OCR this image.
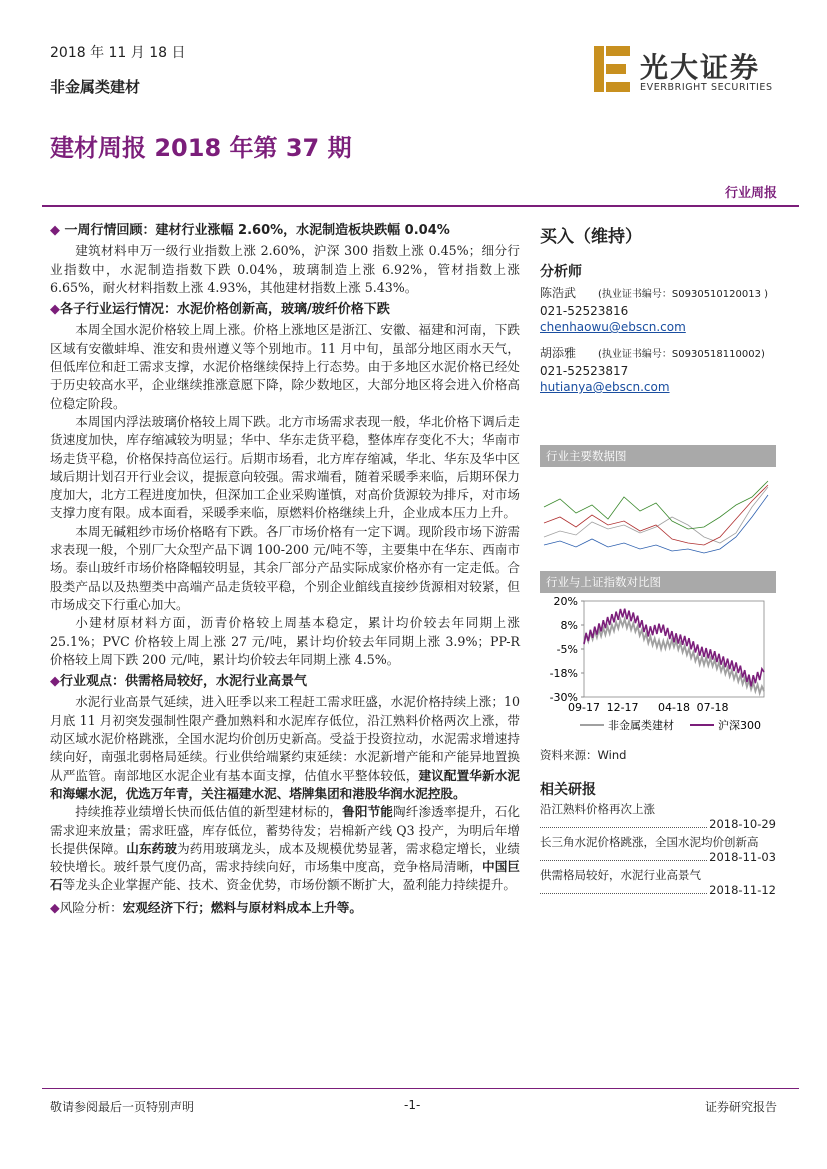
2018 年 11 月 18 日
非金属类建材
光大证券
EVERBRIGHT SECURITIES
建材周报 2018 年第 37 期
行业周报
◆ 一周行情回顾：建材行业涨幅 2.60%，水泥制造板块跌幅 0.04%

建筑材料申万一级行业指数上涨 2.60%，沪深 300 指数上涨 0.45%；细分行业指数中，水泥制造指数下跌 0.04%，玻璃制造上涨 6.92%，管材指数上涨 6.65%，耐火材料指数上涨 4.93%，其他建材指数上涨 5.43%。

◆各子行业运行情况：水泥价格创新高，玻璃/玻纤价格下跌

本周全国水泥价格较上周上涨。价格上涨地区是浙江、安徽、福建和河南，下跌区域有安徽蚌埠、淮安和贵州遵义等个别地市。11 月中旬，虽部分地区雨水天气，但低库位和赶工需求支撑，水泥价格继续保持上行态势。由于多地区水泥价格已经处于历史较高水平，企业继续推涨意愿下降，除少数地区，大部分地区将会进入价格高位稳定阶段。

本周国内浮法玻璃价格较上周下跌。北方市场需求表现一般，华北价格下调后走货速度加快，库存缩减较为明显；华中、华东走货平稳，整体库存变化不大；华南市场走货平稳，价格保持高位运行。后期市场看，北方库存缩减，华北、华东及华中区域后期计划召开行业会议，提振意向较强。需求端看，随着采暖季来临，后期环保力度加大，北方工程进度加快，但深加工企业采购谨慎，对高价货源较为排斥，对市场支撑力度有限。成本面看，采暖季来临，原燃料价格继续上升，企业成本压力上升。

本周无碱粗纱市场价格略有下跌。各厂市场价格有一定下调。现阶段市场下游需求表现一般，个别厂大众型产品下调 100-200 元/吨不等，主要集中在华东、西南市场。泰山玻纤市场价格降幅较明显，其余厂部分产品实际成家价格亦有一定走低。合股类产品以及热塑类中高端产品走货较平稳，个别企业館线直接纱货源相对较紧，但市场成交下行重心加大。

小建材原材料方面，沥青价格较上周基本稳定，累计均价较去年同期上涨 25.1%；PVC 价格较上周上涨 27 元/吨，累计均价较去年同期上涨 3.9%；PP-R 价格较上周下跌 200 元/吨，累计均价较去年同期上涨 4.5%。

◆行业观点：供需格局较好，水泥行业高景气

水泥行业高景气延续，进入旺季以来工程赶工需求旺盛，水泥价格持续上涨；10 月底 11 月初突发强制性限产叠加熟料和水泥库存低位，沿江熟料价格两次上涨，带动区域水泥价格跳涨，全国水泥均价创历史新高。受益于投资拉动，水泥需求增速持续向好，南强北弱格局延续。行业供给端紧约束延续：水泥新增产能和产能异地置换从严监管。南部地区水泥企业有基本面支撑，估值水平整体较低，建议配置华新水泥和海螺水泥，优选万年青，关注福建水泥、塔牌集团和港股华润水泥控股。

持续推荐业绩增长快而低估值的新型建材标的，鲁阳节能陶纤渗透率提升，石化需求迎来放量；需求旺盛，库存低位，蓄势待发；岩棉新产线 Q3 投产，为明后年增长提供保障。山东药玻为药用玻璃龙头，成本及规模优势显著，需求稳定增长，业绩较快增长。玻纤景气度仍高，需求持续向好，市场集中度高，竞争格局清晰，中国巨石等龙头企业掌握产能、技术、资金优势，市场份额不断扩大，盈利能力持续提升。

◆风险分析：宏观经济下行；燃料与原材料成本上升等。
买入（维持）
分析师
陈浩武 (执业证书编号：S0930510120013 )
021-52523816
chenhaowu@ebscn.com
胡添雅 (执业证书编号：S0930518110002)
021-52523817
hutianya@ebscn.com
行业主要数据图
行业与上证指数对比图
20%
8%
-5%
-18%
-30%
09-17 12-17 04-18 07-18
非金属类建材	沪深300
资料来源：Wind
相关研报
沿江熟料价格再次上涨
2018-10-29
长三角水泥价格跳涨，全国水泥均价创新高
2018-11-03
供需格局较好，水泥行业高景气
2018-11-12
敬请参阅最后一页特别声明	-1-	证券研究报告
